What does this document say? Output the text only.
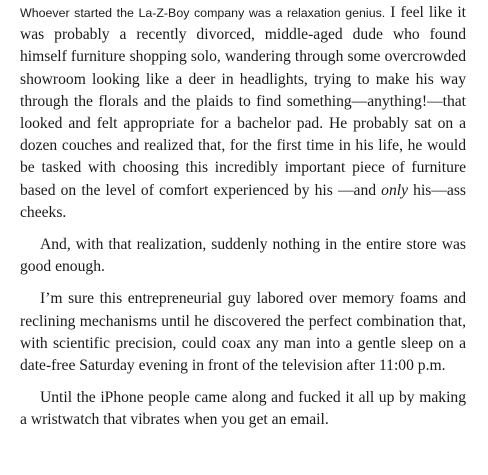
Whoever started the La-Z-Boy company was a relaxation genius. I feel like it was probably a recently divorced, middle-aged dude who found himself furniture shopping solo, wandering through some overcrowded showroom looking like a deer in headlights, trying to make his way through the florals and the plaids to find something—anything!—that looked and felt appropriate for a bachelor pad. He probably sat on a dozen couches and realized that, for the first time in his life, he would be tasked with choosing this incredibly important piece of furniture based on the level of comfort experienced by his —and only his—ass cheeks.

And, with that realization, suddenly nothing in the entire store was good enough.

I’m sure this entrepreneurial guy labored over memory foams and reclining mechanisms until he discovered the perfect combination that, with scientific precision, could coax any man into a gentle sleep on a date-free Saturday evening in front of the television after 11:00 p.m.

Until the iPhone people came along and fucked it all up by making a wristwatch that vibrates when you get an email.
